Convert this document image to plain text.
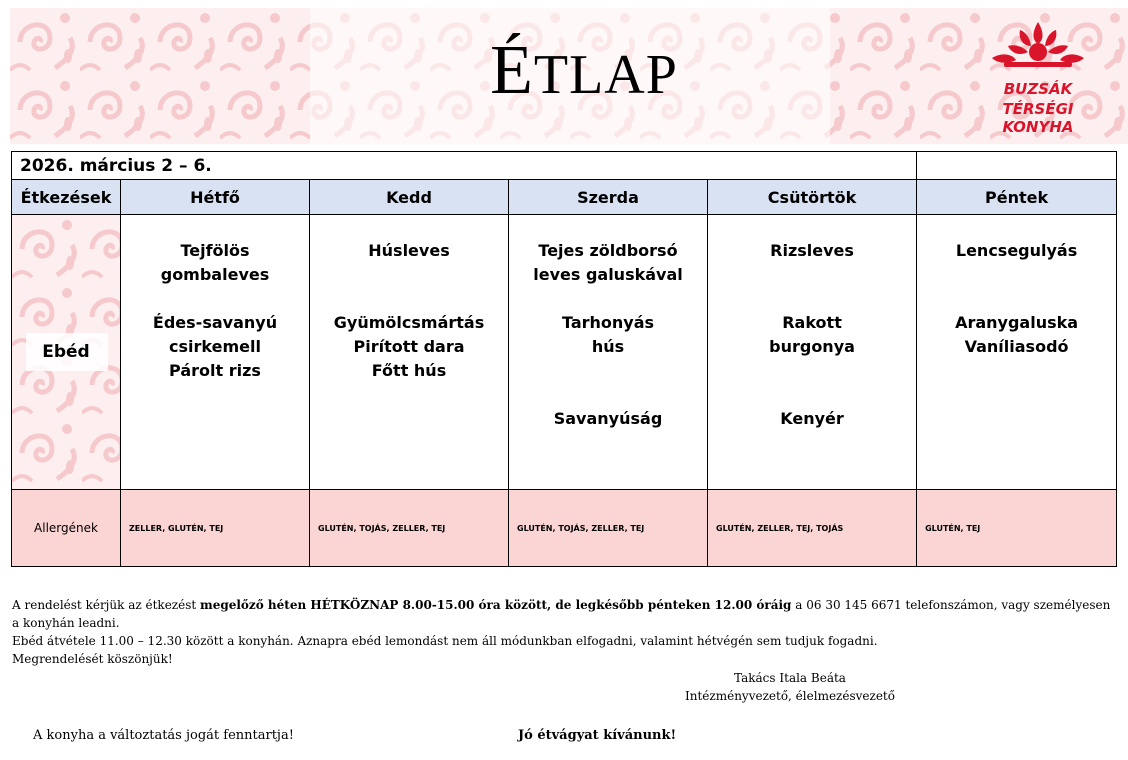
ÉTLAP	BUZSÁK
TÉRSÉGI KONYHA
2026. március 2 – 6.					
Étkezések	Hétfő	Kedd	Szerda	Csütörtök	Péntek

Ebéd	Tejfölös
gombaleves
Édes-savanyú
csirkemell
Párolt rizs	Húsleves
Gyümölcsmártás
Pirított dara
Főtt hús	Tejes zöldborsó
leves galuskával
Tarhonyás
hús
Savanyúság	Rizsleves
Rakott
burgonya
Kenyér	Lencsegulyás
Aranygaluska
Vaníliasodó

Allergének	ZELLER, GLUTÉN, TEJ	GLUTÉN, TOJÁS, ZELLER, TEJ	GLUTÉN, TOJÁS, ZELLER, TEJ	GLUTÉN, ZELLER, TEJ, TOJÁS	GLUTÉN, TEJ
A rendelést kérjük az étkezést megelőző héten HÉTKÖZNAP 8.00-15.00 óra között, de legkésőbb pénteken 12.00 óráig a 06 30 145 6671 telefonszámon, vagy személyesen a konyhán leadni.
Ebéd átvétele 11.00 – 12.30 között a konyhán. Aznapra ebéd lemondást nem áll módunkban elfogadni, valamint hétvégén sem tudjuk fogadni.
Megrendelését köszönjük!
Takács Itala Beáta
Intézményvezető, élelmezésvezető
A konyha a változtatás jogát fenntartja!	Jó étvágyat kívánunk!
